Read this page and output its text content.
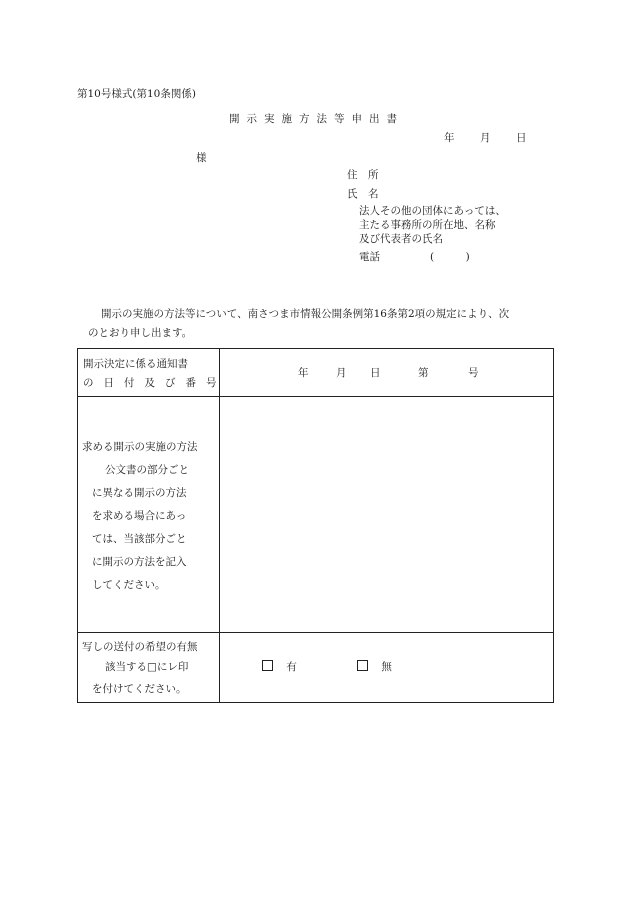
第10号様式(第10条関係)
開示実施方法等申出書
年 月 日
様
住　所
氏　名
法人その他の団体にあっては、
主たる事務所の所在地、名称
及び代表者の氏名
電話	(　　　)
開示の実施の方法等について、南さつま市情報公開条例第16条第2項の規定により、次
のとおり申し出ます。
開示決定に係る通知書
の日付及び番号
年	月 日	第	号
求める開示の実施の方法
公文書の部分ごと
に異なる開示の方法
を求める場合にあっ
ては、当該部分ごと
に開示の方法を記入
してください。
写しの送付の希望の有無
該当する□にレ印
を付けてください。
有	無
